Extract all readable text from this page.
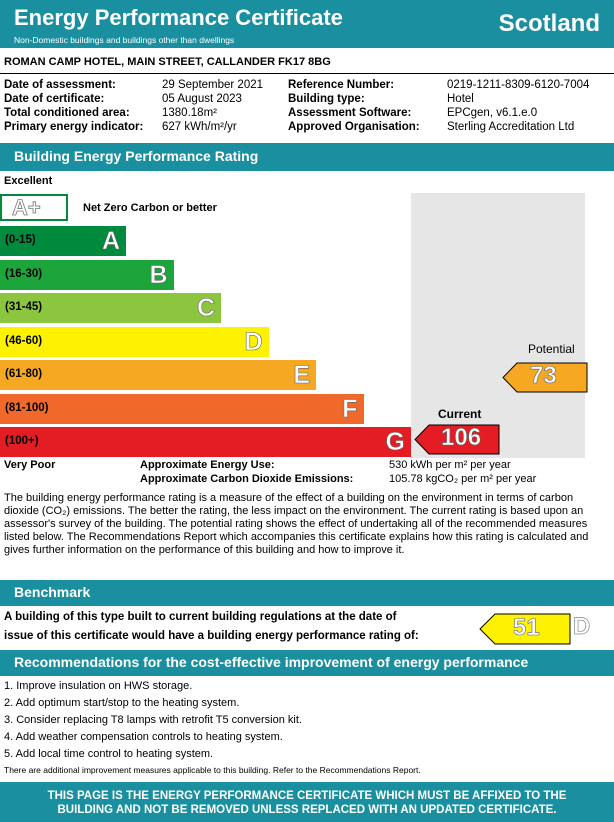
Energy Performance Certificate
Non-Domestic buildings and buildings other than dwellings
Scotland
ROMAN CAMP HOTEL, MAIN STREET, CALLANDER FK17 8BG
Date of assessment:	29 September 2021
Date of certificate:	05 August 2023
Total conditioned area:	1380.18m²
Primary energy indicator: 627 kWh/m²/yr
Reference Number:	0219-1211-8309-6120-7004
Building type:	Hotel
Assessment Software:	EPCgen, v6.1.e.0
Approved Organisation: Sterling Accreditation Ltd
Building Energy Performance Rating
Excellent
A+	Net Zero Carbon or better
(0-15)	A
(16-30)	B
(31-45)	C
(46-60)	D
(61-80)	E
(81-100)	F
(100+)	G
Potential
73
Current
106
Very Poor	Approximate Energy Use:	530 kWh per m² per year
Approximate Carbon Dioxide Emissions:	105.78 kgCO₂ per m² per year
The building energy performance rating is a measure of the effect of a building on the environment in terms of carbon dioxide (CO₂) emissions. The better the rating, the less impact on the environment. The current rating is based upon an assessor's survey of the building. The potential rating shows the effect of undertaking all of the recommended measures listed below. The Recommendations Report which accompanies this certificate explains how this rating is calculated and gives further information on the performance of this building and how to improve it.
Benchmark
A building of this type built to current building regulations at the date of
issue of this certificate would have a building energy performance rating of:	51 D
Recommendations for the cost-effective improvement of energy performance
1. Improve insulation on HWS storage.
2. Add optimum start/stop to the heating system.
3. Consider replacing T8 lamps with retrofit T5 conversion kit.
4. Add weather compensation controls to heating system.
5. Add local time control to heating system.
There are additional improvement measures applicable to this building. Refer to the Recommendations Report.
THIS PAGE IS THE ENERGY PERFORMANCE CERTIFICATE WHICH MUST BE AFFIXED TO THE
BUILDING AND NOT BE REMOVED UNLESS REPLACED WITH AN UPDATED CERTIFICATE.
